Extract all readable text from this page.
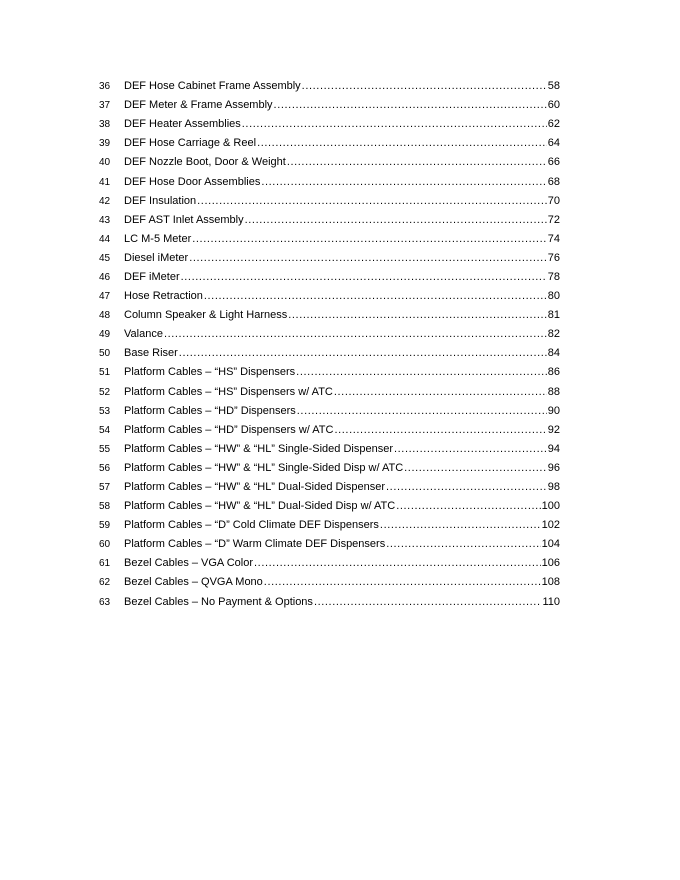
36	DEF Hose Cabinet Frame Assembly .....	58
37	DEF Meter & Frame Assembly .....	60
38	DEF Heater Assemblies .....	62
39	DEF Hose Carriage & Reel .....	64
40	DEF Nozzle Boot, Door & Weight .....	66
41	DEF Hose Door Assemblies .....	68
42	DEF Insulation .....	70
43	DEF AST Inlet Assembly .....	72
44	LC M-5 Meter .....	74
45	Diesel iMeter .....	76
46	DEF iMeter .....	78
47	Hose Retraction .....	80
48	Column Speaker & Light Harness .....	81
49	Valance .....	82
50	Base Riser .....	84
51	Platform Cables – “HS” Dispensers .....	86
52	Platform Cables – “HS” Dispensers w/ ATC .....	88
53	Platform Cables – “HD” Dispensers .....	90
54	Platform Cables – “HD” Dispensers w/ ATC .....	92
55	Platform Cables – “HW” & “HL” Single-Sided Dispenser .....	94
56	Platform Cables – “HW” & “HL” Single-Sided Disp w/ ATC .....	96
57	Platform Cables – “HW” & “HL” Dual-Sided Dispenser .....	98
58	Platform Cables – “HW” & “HL” Dual-Sided Disp w/ ATC .....	100
59	Platform Cables – “D” Cold Climate DEF Dispensers .....	102
60	Platform Cables – “D” Warm Climate DEF Dispensers .....	104
61	Bezel Cables – VGA Color .....	106
62	Bezel Cables – QVGA Mono .....	108
63	Bezel Cables – No Payment & Options .....	110
